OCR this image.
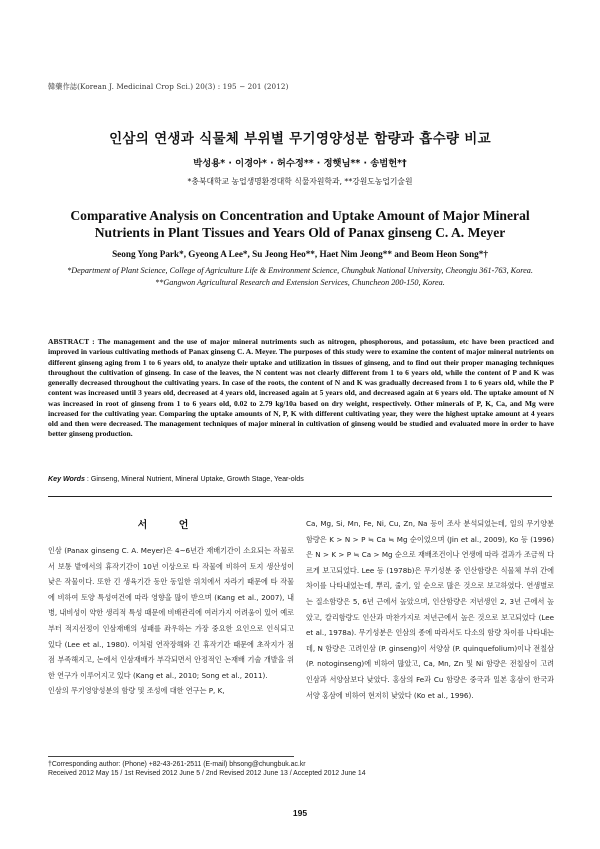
韓藥作誌(Korean J. Medicinal Crop Sci.) 20(3) : 195 − 201 (2012)
인삼의 연생과 식물체 부위별 무기영양성분 함량과 흡수량 비교
박성용* · 이경아* · 허수정** · 정햇님** · 송범헌*†
*충북대학교 농업생명환경대학 식물자원학과, **강원도농업기술원
Comparative Analysis on Concentration and Uptake Amount of Major Mineral Nutrients in Plant Tissues and Years Old of Panax ginseng C. A. Meyer
Seong Yong Park*, Gyeong A Lee*, Su Jeong Heo**, Haet Nim Jeong** and Beom Heon Song*†
*Department of Plant Science, College of Agriculture Life & Environment Science, Chungbuk National University, Cheongju 361-763, Korea.
**Gangwon Agricultural Research and Extension Services, Chuncheon 200-150, Korea.
ABSTRACT : The management and the use of major mineral nutriments such as nitrogen, phosphorous, and potassium, etc have been practiced and improved in various cultivating methods of Panax ginseng C. A. Meyer. The purposes of this study were to examine the content of major mineral nutrients on different ginseng aging from 1 to 6 years old, to analyze their uptake and utilization in tissues of ginseng, and to find out their proper managing techniques throughout the cultivation of ginseng. In case of the leaves, the N content was not clearly different from 1 to 6 years old, while the content of P and K was generally decreased throughout the cultivating years. In case of the roots, the content of N and K was gradually decreased from 1 to 6 years old, while the P content was increased until 3 years old, decreased at 4 years old, increased again at 5 years old, and decreased again at 6 years old. The uptake amount of N was increased in root of ginseng from 1 to 6 years old, 0.02 to 2.79 kg/10a based on dry weight, respectively. Other minerals of P, K, Ca, and Mg were increased for the cultivating year. Comparing the uptake amounts of N, P, K with different cultivating year, they were the highest uptake amount at 4 years old and then were decreased. The management techniques of major mineral in cultivation of ginseng would be studied and evaluated more in order to have better ginseng production.
Key Words : Ginseng, Mineral Nutrient, Mineral Uptake, Growth Stage, Year-olds
서 언
인삼 (Panax ginseng C. A. Meyer)은 4~6년간 재배기간이 소요되는 작물로서 보통 밭에서의 휴작기간이 10년 이상으로 타 작물에 비하여 토지 생산성이 낮은 작물이다. 또한 긴 생육기간 동안 동일한 위치에서 자라기 때문에 타 작물에 비하여 토양 특성여건에 따라 영향을 많이 받으며 (Kang et al., 2007), 내병, 내비성이 약한 생리적 특성 때문에 비배관리에 여러가지 어려움이 있어 예로부터 적지선정이 인삼재배의 성패를 좌우하는 가장 중요한 요인으로 인식되고 있다 (Lee et al., 1980). 이처럼 연작장해와 긴 휴작기간 때문에 초작지가 점점 부족해지고, 논에서 인삼재배가 부각되면서 안정적인 논재배 기술 개발을 위한 연구가 이루어지고 있다 (Kang et al., 2010; Song et al., 2011).
인삼의 무기영양성분의 함량 및 조성에 대한 연구는 P, K,
Ca, Mg, Si, Mn, Fe, Ni, Cu, Zn, Na 등이 조사 분석되었는데, 일의 무기양분 함량은 K > N > P ≒ Ca ≒ Mg 순이었으며 (Jin et al., 2009), Ko 등 (1996)은 N > K > P ≒ Ca > Mg 순으로 재배조건이나 연생에 따라 결과가 조금씩 다르게 보고되었다. Lee 등 (1978b)은 무기성분 중 인산함량은 식물체 부위 간에 차이를 나타내었는데, 뿌리, 줄기, 잎 순으로 많은 것으로 보고하였다. 연생별로는 질소함량은 5, 6년 근에서 높았으며, 인산함량은 저년생인 2, 3년 근에서 높았고, 칼리함량도 인산과 마찬가지로 저년근에서 높은 것으로 보고되었다 (Lee et al., 1978a). 무기성분은 인삼의 종에 따라서도 다소의 함량 차이를 나타내는데, N 함량은 고려인삼 (P. ginseng)이 서양삼 (P. quinquefolium)이나 전칠삼 (P. notoginseng)에 비하여 많았고, Ca, Mn, Zn 및 Ni 함량은 전칠삼이 고려인삼과 서양삼보다 낮았다. 홍삼의 Fe과 Cu 함량은 중국과 일본 홍삼이 한국과 서양 홍삼에 비하여 현저히 낮았다 (Ko et al., 1996).
†Corresponding author: (Phone) +82-43-261-2511 (E-mail) bhsong@chungbuk.ac.kr
Received 2012 May 15 / 1st Revised 2012 June 5 / 2nd Revised 2012 June 13 / Accepted 2012 June 14
195
